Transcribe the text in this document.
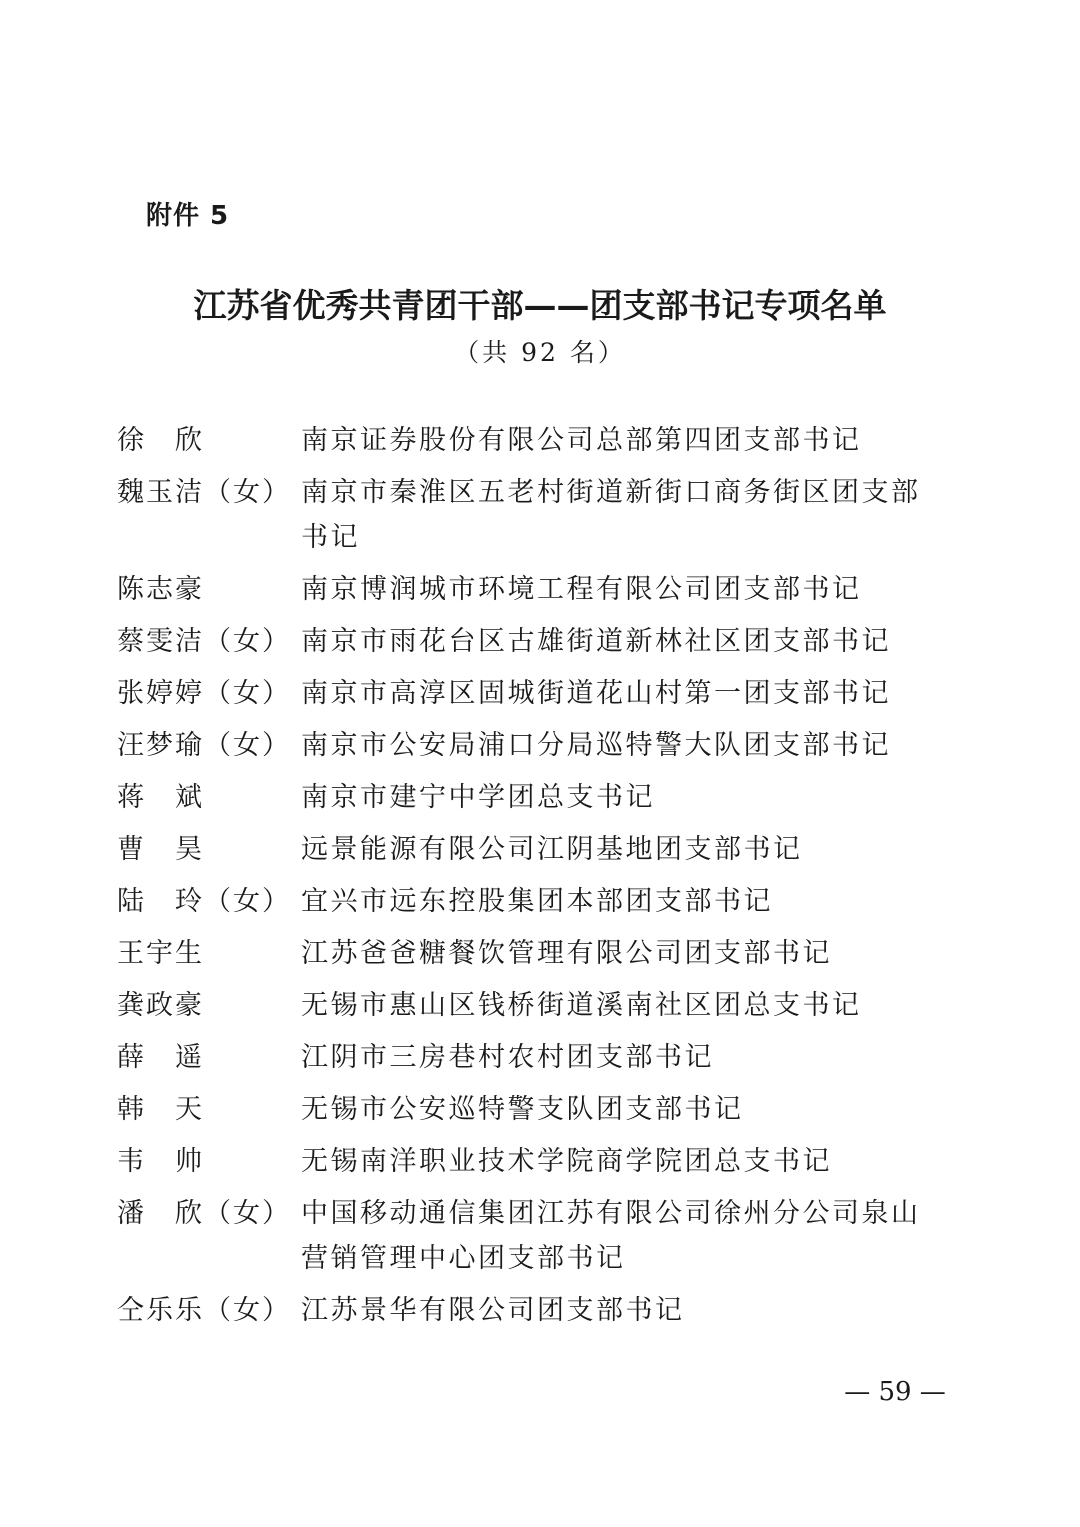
附件 5
江苏省优秀共青团干部——团支部书记专项名单
（共 92 名）
徐　欣	南京证券股份有限公司总部第四团支部书记
魏玉洁（女） 南京市秦淮区五老村街道新街口商务街区团支部书记
陈志豪	南京博润城市环境工程有限公司团支部书记
蔡雯洁（女） 南京市雨花台区古雄街道新林社区团支部书记
张婷婷（女） 南京市高淳区固城街道花山村第一团支部书记
汪梦瑜（女） 南京市公安局浦口分局巡特警大队团支部书记
蒋　斌	南京市建宁中学团总支书记
曹　昊	远景能源有限公司江阴基地团支部书记
陆　玲（女） 宜兴市远东控股集团本部团支部书记
王宇生	江苏爸爸糖餐饮管理有限公司团支部书记
龚政豪	无锡市惠山区钱桥街道溪南社区团总支书记
薛　遥	江阴市三房巷村农村团支部书记
韩　天	无锡市公安巡特警支队团支部书记
韦　帅	无锡南洋职业技术学院商学院团总支书记
潘　欣（女） 中国移动通信集团江苏有限公司徐州分公司泉山营销管理中心团支部书记
仝乐乐（女） 江苏景华有限公司团支部书记
— 59 —
